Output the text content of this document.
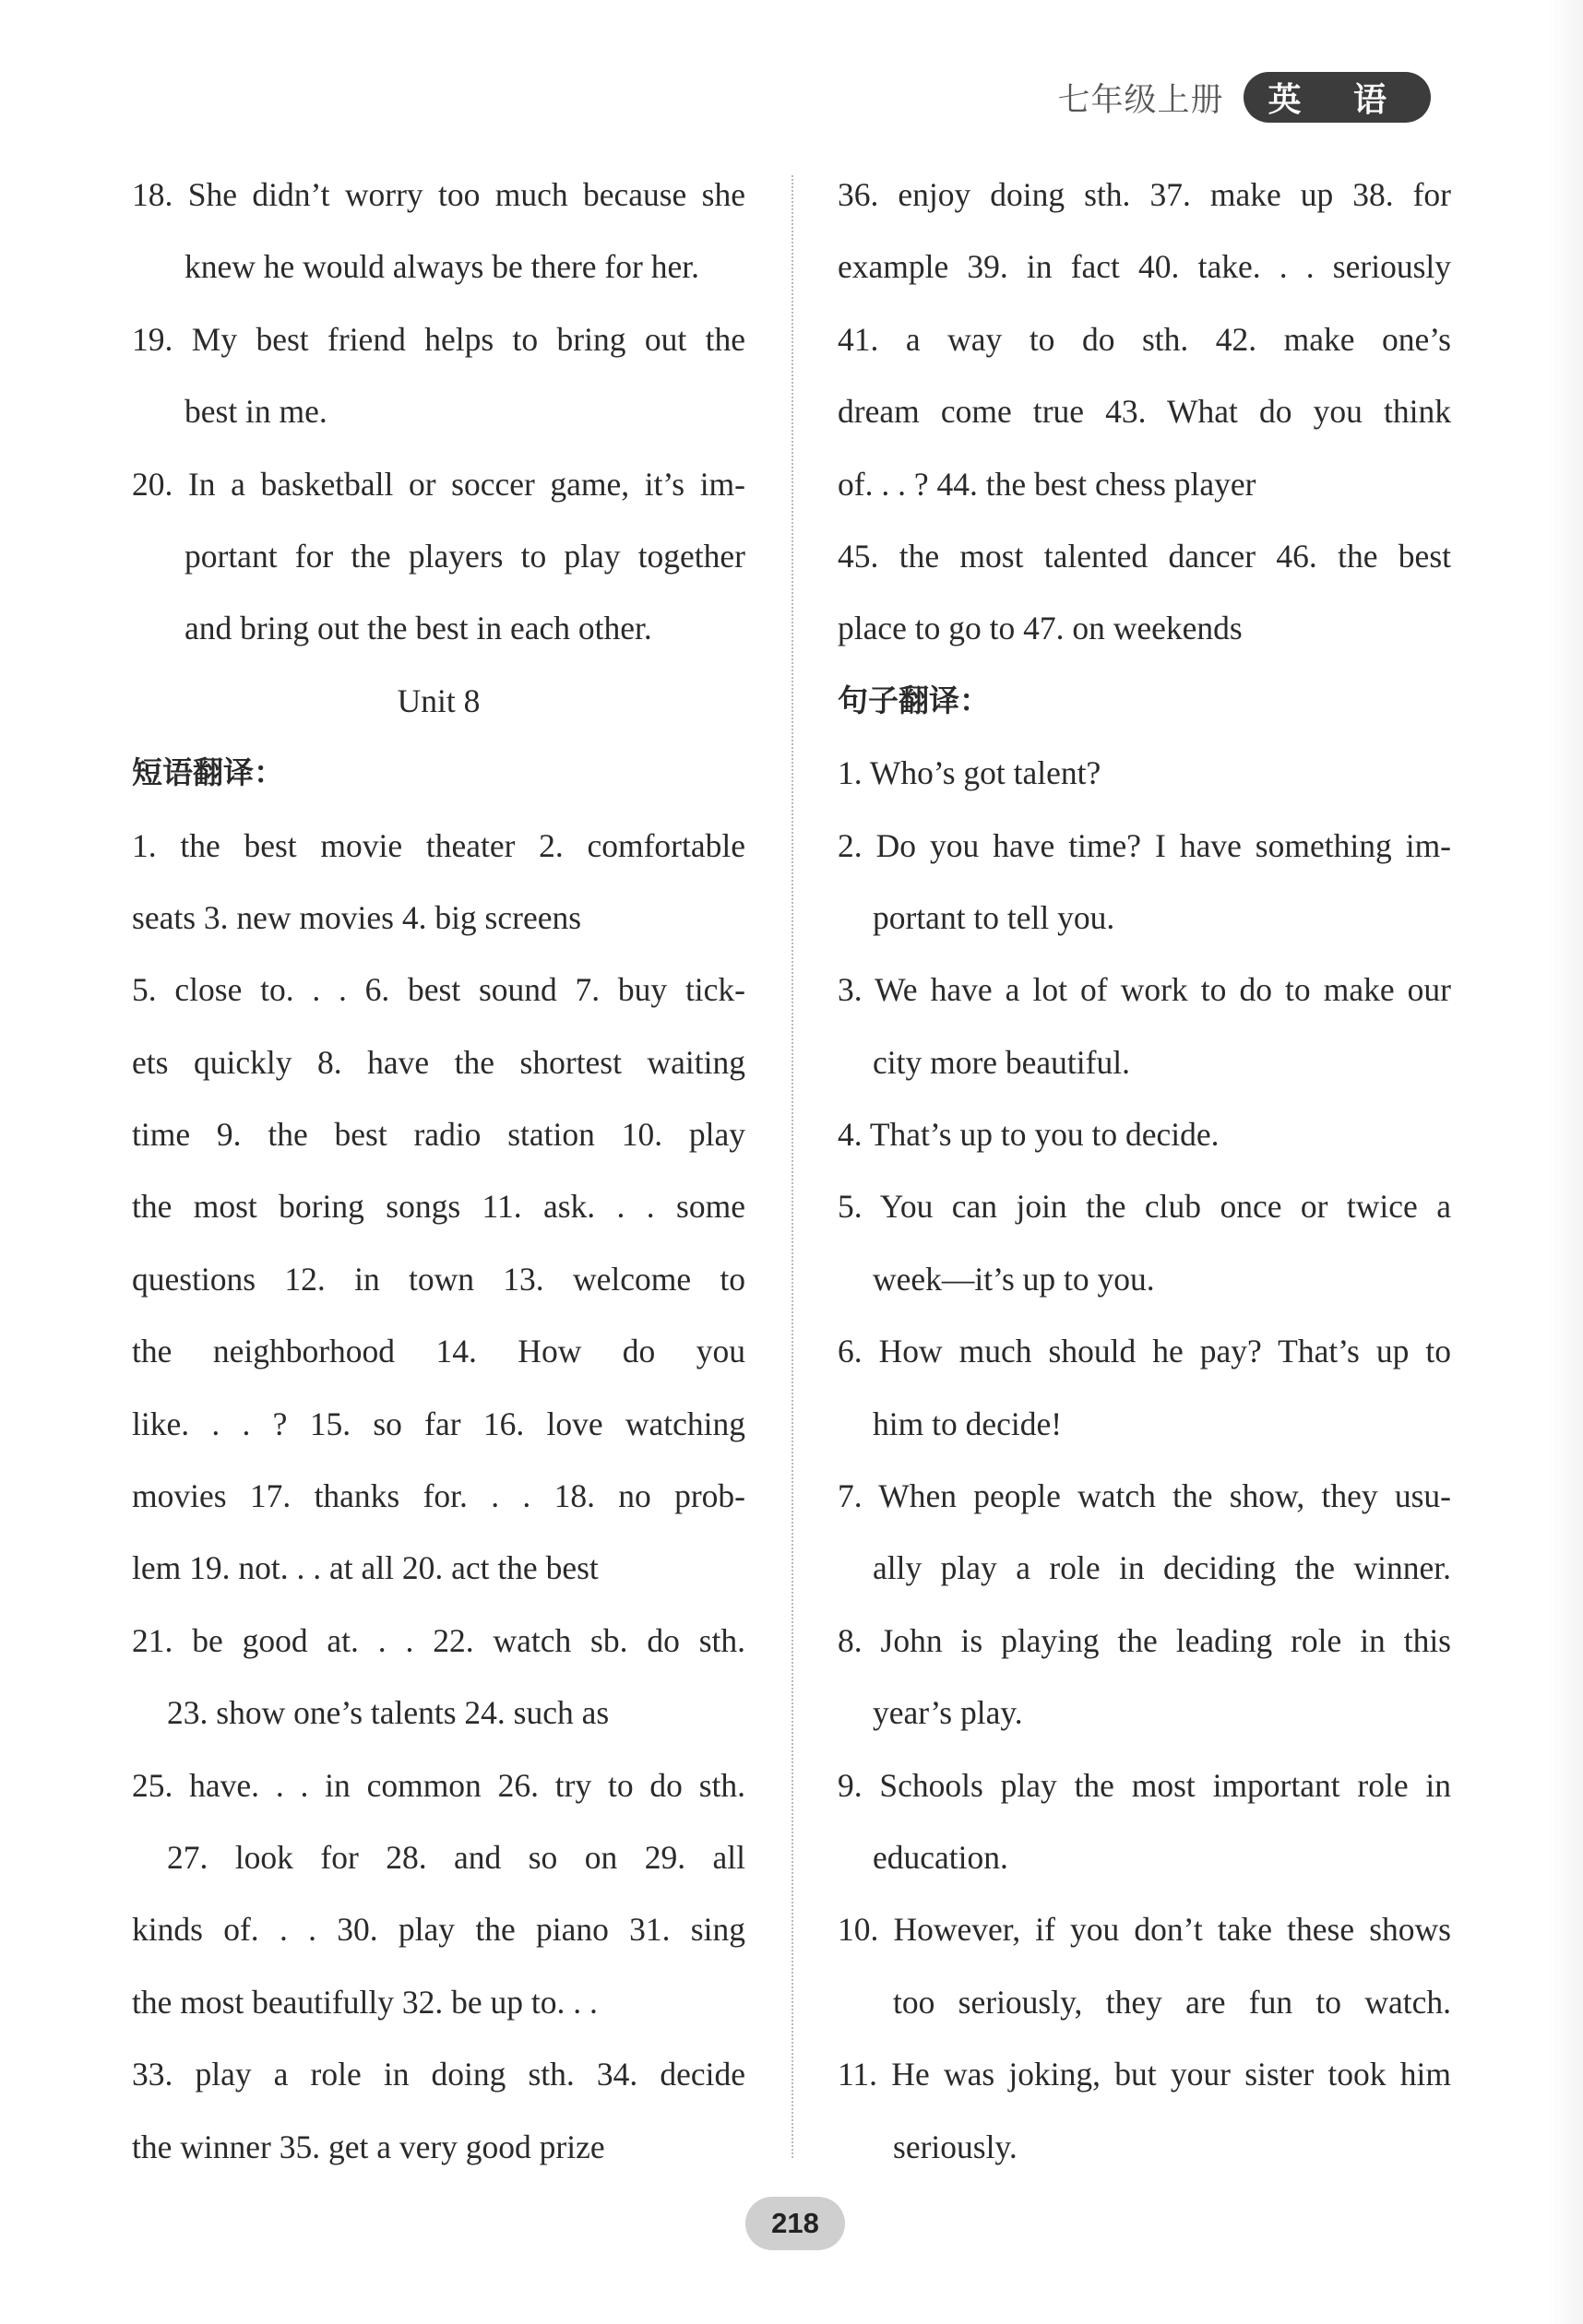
七年级上册	英 语
18. She didn’t worry too much because she
knew he would always be there for her.
19. My best friend helps to bring out the
best in me.
20. In a basketball or soccer game, it’s im-
portant for the players to play together
and bring out the best in each other.
Unit 8
短语翻译：
1. the best movie theater 2. comfortable
seats 3. new movies 4. big screens
5. close to. . . 6. best sound 7. buy tick-
ets quickly 8. have the shortest waiting
time 9. the best radio station 10. play
the most boring songs 11. ask. . . some
questions 12. in town 13. welcome to
the neighborhood 14. How do you
like. . . ? 15. so far 16. love watching
movies 17. thanks for. . . 18. no prob-
lem 19. not. . . at all 20. act the best
21. be good at. . . 22. watch sb. do sth.
23. show one’s talents 24. such as
25. have. . . in common 26. try to do sth.
27. look for 28. and so on 29. all
kinds of. . . 30. play the piano 31. sing
the most beautifully 32. be up to. . .
33. play a role in doing sth. 34. decide
the winner 35. get a very good prize
36. enjoy doing sth. 37. make up 38. for
example 39. in fact 40. take. . . seriously
41. a way to do sth. 42. make one’s
dream come true 43. What do you think
of. . . ? 44. the best chess player
45. the most talented dancer 46. the best
place to go to 47. on weekends
句子翻译：
1. Who’s got talent?
2. Do you have time? I have something im-
portant to tell you.
3. We have a lot of work to do to make our
city more beautiful.
4. That’s up to you to decide.
5. You can join the club once or twice a
week—it’s up to you.
6. How much should he pay? That’s up to
him to decide!
7. When people watch the show, they usu-
ally play a role in deciding the winner.
8. John is playing the leading role in this
year’s play.
9. Schools play the most important role in
education.
10. However, if you don’t take these shows
too seriously, they are fun to watch.
11. He was joking, but your sister took him
seriously.
218
